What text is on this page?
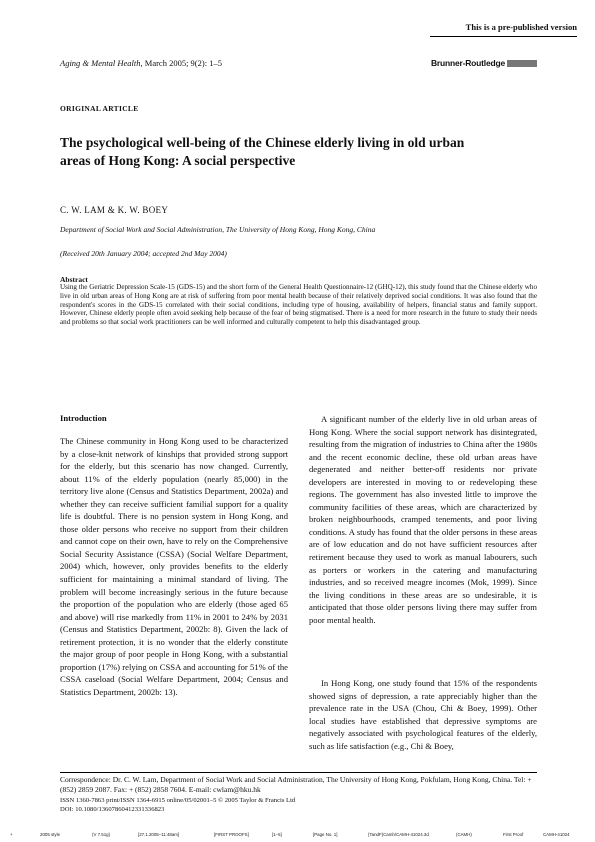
This is a pre-published version
Aging & Mental Health, March 2005; 9(2): 1–5	Brunner-Routledge
ORIGINAL ARTICLE
The psychological well-being of the Chinese elderly living in old urban areas of Hong Kong: A social perspective
C. W. LAM & K. W. BOEY
Department of Social Work and Social Administration, The University of Hong Kong, Hong Kong, China
(Received 20th January 2004; accepted 2nd May 2004)
Abstract
Using the Geriatric Depression Scale-15 (GDS-15) and the short form of the General Health Questionnaire-12 (GHQ-12), this study found that the Chinese elderly who live in old urban areas of Hong Kong are at risk of suffering from poor mental health because of their relatively deprived social conditions. It was also found that the respondent's scores in the GDS-15 correlated with their social conditions, including type of housing, availability of helpers, financial status and family support. However, Chinese elderly people often avoid seeking help because of the fear of being stigmatised. There is a need for more research in the future to study their needs and problems so that social work practitioners can be well informed and culturally competent to help this disadvantaged group.
Introduction
The Chinese community in Hong Kong used to be characterized by a close-knit network of kinships that provided strong support for the elderly, but this scenario has now changed. Currently, about 11% of the elderly population (nearly 85,000) in the territory live alone (Census and Statistics Department, 2002a) and whether they can receive sufficient familial support for a quality life is doubtful. There is no pension system in Hong Kong, and those older persons who receive no support from their children and cannot cope on their own, have to rely on the Comprehensive Social Security Assistance (CSSA) (Social Welfare Department, 2004) which, however, only provides benefits to the elderly sufficient for maintaining a minimal standard of living. The problem will become increasingly serious in the future because the proportion of the population who are elderly (those aged 65 and above) will rise markedly from 11% in 2001 to 24% by 2031 (Census and Statistics Department, 2002b: 8). Given the lack of retirement protection, it is no wonder that the elderly constitute the major group of poor people in Hong Kong, with a substantial proportion (17%) relying on CSSA and accounting for 51% of the CSSA caseload (Social Welfare Department, 2004; Census and Statistics Department, 2002b: 13).
A significant number of the elderly live in old urban areas of Hong Kong. Where the social support network has disintegrated, resulting from the migration of industries to China after the 1980s and the recent economic decline, these old urban areas have degenerated and neither better-off residents nor private developers are interested in moving to or redeveloping these regions. The government has also invested little to improve the community facilities of these areas, which are characterized by broken neighbourhoods, cramped tenements, and poor living conditions. A study has found that the older persons in these areas are of low education and do not have sufficient resources after retirement because they used to work as manual labourers, such as porters or workers in the catering and manufacturing industries, and so received meagre incomes (Mok, 1999). Since the living conditions in these areas are so undesirable, it is anticipated that those older persons living there may suffer from poor mental health.
In Hong Kong, one study found that 15% of the respondents showed signs of depression, a rate appreciably higher than the prevalence rate in the USA (Chou, Chi & Boey, 1999). Other local studies have established that depressive symptoms are negatively associated with psychological features of the elderly, such as life satisfaction (e.g., Chi & Boey,
Correspondence: Dr. C. W. Lam, Department of Social Work and Social Administration, The University of Hong Kong, Pokfulam, Hong Kong, China. Tel: + (852) 2859 2087. Fax: + (852) 2858 7604. E-mail: cwlam@hku.hk
ISSN 1360-7863 print/ISSN 1364-6915 online/05/02001–5 © 2005 Taylor & Francis Ltd
DOI: 10.1080/13607860412331336823
+	2005 style	(V 7.51g)	[27.1.2005–11:48am]	[FIRST PROOFS]	[1–5]	[Page No. 1]	{TandF}Camh/CAMH-41024.3d	(CAMH)	First Proof	CAMH-41024
